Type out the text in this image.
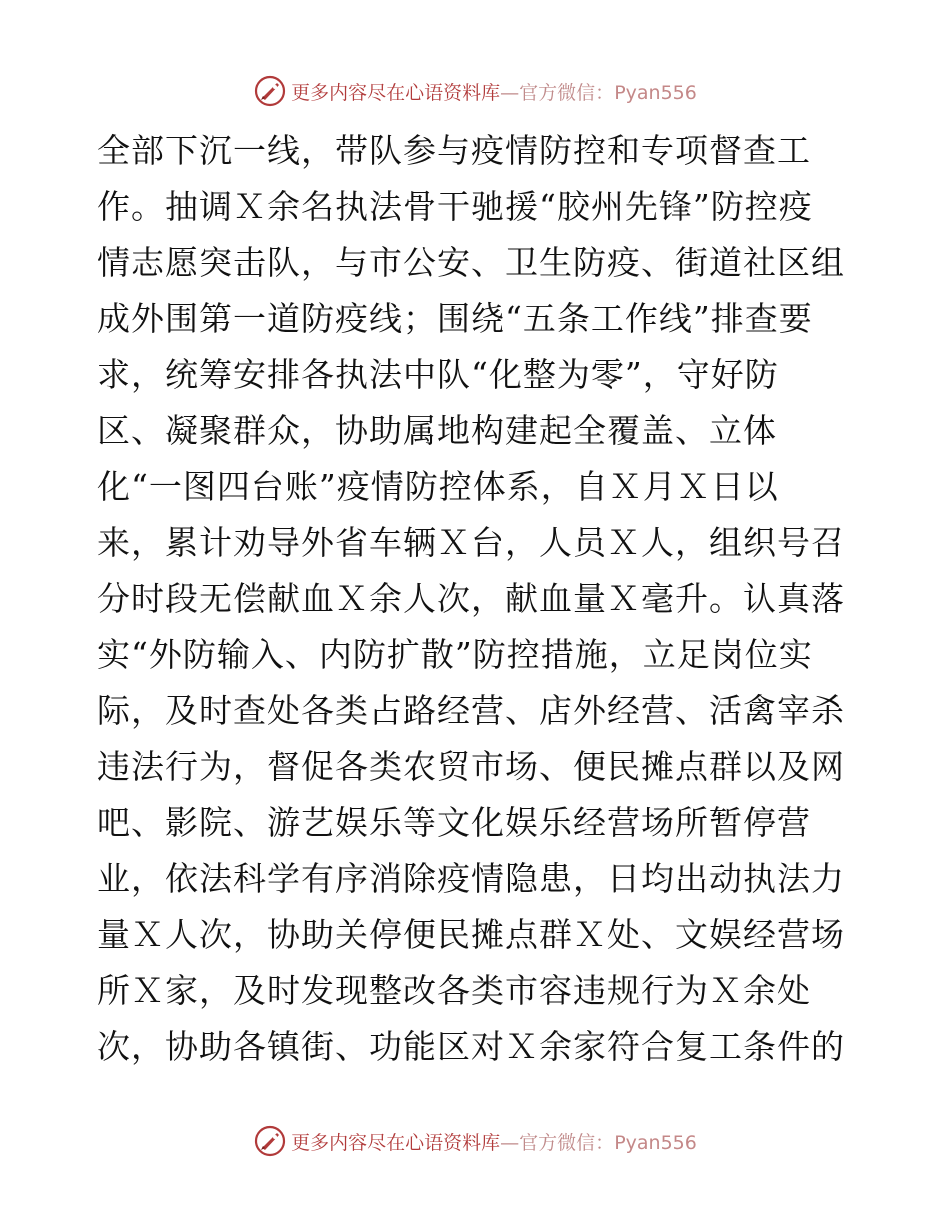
更多内容尽在心语资料库—官方微信：Pyan556
全部下沉一线，带队参与疫情防控和专项督查工
作。抽调Ｘ余名执法骨干驰援“胶州先锋”防控疫
情志愿突击队，与市公安、卫生防疫、街道社区组
成外围第一道防疫线；围绕“五条工作线”排查要
求，统筹安排各执法中队“化整为零”，守好防
区、凝聚群众，协助属地构建起全覆盖、立体
化“一图四台账”疫情防控体系，自Ｘ月Ｘ日以
来，累计劝导外省车辆Ｘ台，人员Ｘ人，组织号召
分时段无偿献血Ｘ余人次，献血量Ｘ毫升。认真落
实“外防输入、内防扩散”防控措施，立足岗位实
际，及时查处各类占路经营、店外经营、活禽宰杀
违法行为，督促各类农贸市场、便民摊点群以及网
吧、影院、游艺娱乐等文化娱乐经营场所暂停营
业，依法科学有序消除疫情隐患，日均出动执法力
量Ｘ人次，协助关停便民摊点群Ｘ处、文娱经营场
所Ｘ家，及时发现整改各类市容违规行为Ｘ余处
次，协助各镇街、功能区对Ｘ余家符合复工条件的
更多内容尽在心语资料库—官方微信：Pyan556
